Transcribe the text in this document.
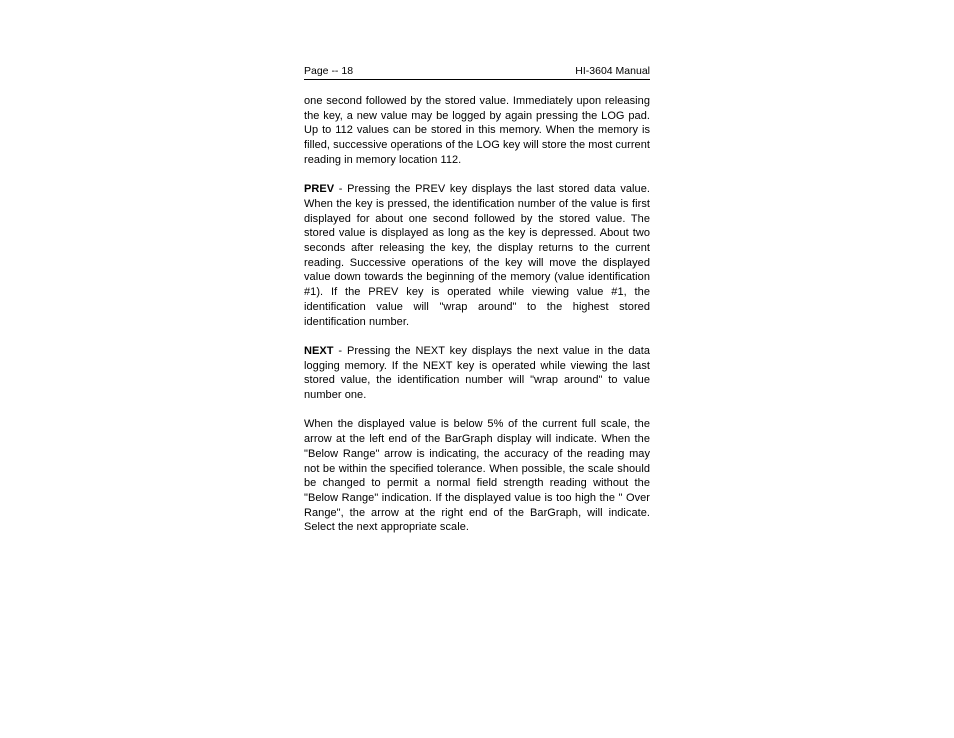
Page -- 18	HI-3604 Manual

one second followed by the stored value. Immediately upon releasing the key, a new value may be logged by again pressing the LOG pad. Up to 112 values can be stored in this memory. When the memory is filled, successive operations of the LOG key will store the most current reading in memory location 112.

PREV - Pressing the PREV key displays the last stored data value. When the key is pressed, the identification number of the value is first displayed for about one second followed by the stored value. The stored value is displayed as long as the key is depressed. About two seconds after releasing the key, the display returns to the current reading. Successive operations of the key will move the displayed value down towards the beginning of the memory (value identification #1). If the PREV key is operated while viewing value #1, the identification value will "wrap around" to the highest stored identification number.

NEXT - Pressing the NEXT key displays the next value in the data logging memory. If the NEXT key is operated while viewing the last stored value, the identification number will "wrap around" to value number one.

When the displayed value is below 5% of the current full scale, the arrow at the left end of the BarGraph display will indicate. When the "Below Range" arrow is indicating, the accuracy of the reading may not be within the specified tolerance. When possible, the scale should be changed to permit a normal field strength reading without the "Below Range" indication. If the displayed value is too high the " Over Range", the arrow at the right end of the BarGraph, will indicate. Select the next appropriate scale.
